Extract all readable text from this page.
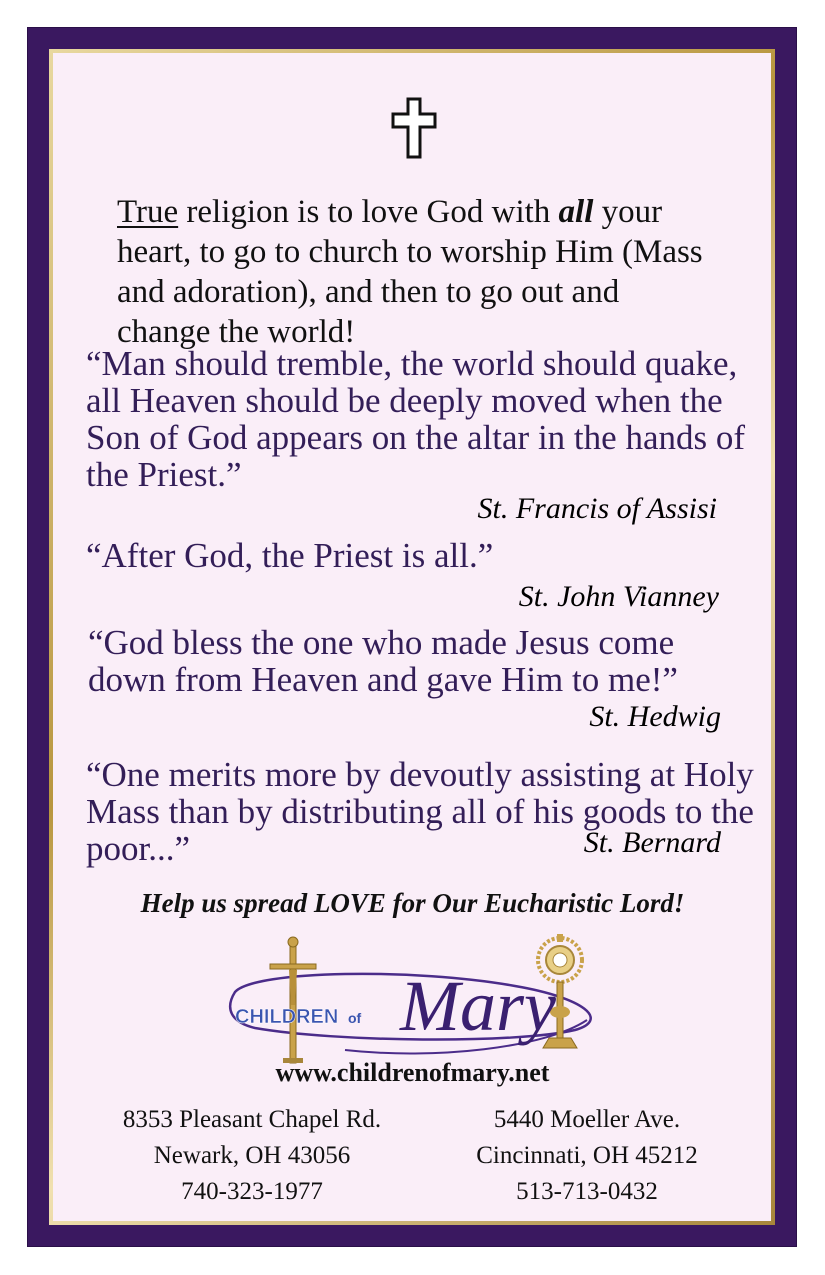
True religion is to love God with all your heart, to go to church to worship Him (Mass and adoration), and then to go out and change the world!

“Man should tremble, the world should quake, all Heaven should be deeply moved when the Son of God appears on the altar in the hands of the Priest.”

St. Francis of Assisi

“After God, the Priest is all.”

St. John Vianney

“God bless the one who made Jesus come down from Heaven and gave Him to me!”

St. Hedwig

“One merits more by devoutly assisting at Holy Mass than by distributing all of his goods to the poor...”	St. Bernard

Help us spread LOVE for Our Eucharistic Lord!

CHILDREN of Mary

www.childrenofmary.net

8353 Pleasant Chapel Rd.
Newark, OH 43056
740-323-1977
5440 Moeller Ave.
Cincinnati, OH 45212
513-713-0432
